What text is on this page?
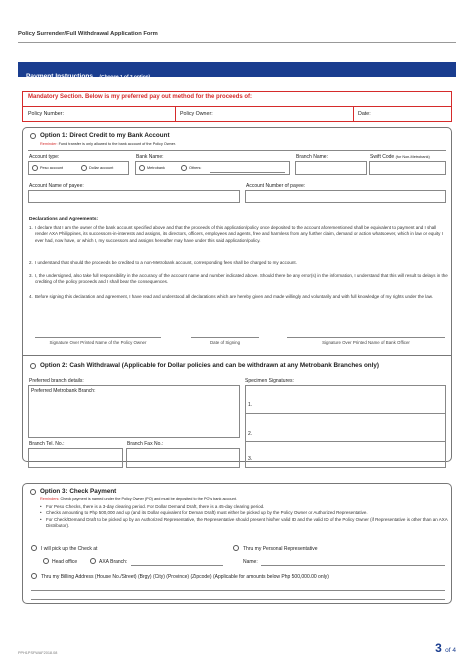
Policy Surrender/Full Withdrawal Application Form
Payment Instructions (Choose 1 of 3 option)
Mandatory Section. Below is my preferred pay out method for the proceeds of:
Policy Number:	Policy Owner:	Date:
Option 1: Direct Credit to my Bank Account
Reminder: Fund transfer is only allowed to the bank account of the Policy Owner.
Account type:	Bank Name:	Branch Name:	Swift Code (for Non-Metrobank)
Peso account	Dollar account	Metrobank	Others:
Account Name of payee:	Account Number of payee:
Declarations and Agreements:
1. I declare that I am the owner of the bank account specified above and that the proceeds of this application/policy once deposited to the account aforementioned shall be equivalent to payment and I shall render AXA Philippines, its successors-in-interests and assigns, its directors, officers, employees and agents, free and harmless from any further claim, demand or action whatsoever, which in law or equity I ever had, now have, or which I, my successors and assigns hereafter may have under this said application/policy.
2. I understand that should the proceeds be credited to a non-Metrobank account, corresponding fees shall be charged to my account.
3. I, the undersigned, also take full responsibility in the accuracy of the account name and number indicated above. Should there be any error(s) in the information, I understand that this will result to delays in the crediting of the policy proceeds and I shall bear the consequences.
4. Before signing this declaration and agreement, I have read and understood all declarations which are hereby given and made willingly and voluntarily and with full knowledge of my rights under the law.
Signature Over Printed Name of the Policy Owner	Date of Signing	Signature Over Printed Name of Bank Officer
Option 2: Cash Withdrawal (Applicable for Dollar policies and can be withdrawn at any Metrobank Branches only)
Preferred branch details:	Specimen Signatures:
Preferred Metrobank Branch:
1.
2.
3.
Branch Tel. No.:	Branch Fax No.:
Option 3: Check Payment
Reminders: Check payment is named under the Policy Owner (PO) and must be deposited to the PO's bank account.
• For Peso Checks, there is a 3-day clearing period. For Dollar Demand Draft, there is a 45-day clearing period.
• Checks amounting to Php 500,000 and up (and its Dollar equivalent for Deman Draft) must either be picked up by the Policy Owner or Authorized Representative.
• For Check/Demand Draft to be picked up by an Authorized Representative, the Representative should present his/her valid ID and the valid ID of the Policy Owner (if Representative is other than an AXA Distributor).
I will pick up the Check at	Thru my Personal Representative
Head office	AXA Branch:	Name:
Thru my Billing Address (House No./Street) (Brgy) (City) (Province) (Zipcode) (Applicable for amounts below Php 500,000.00 only)
PPH1PSFWAF2018.08	3 of 4
